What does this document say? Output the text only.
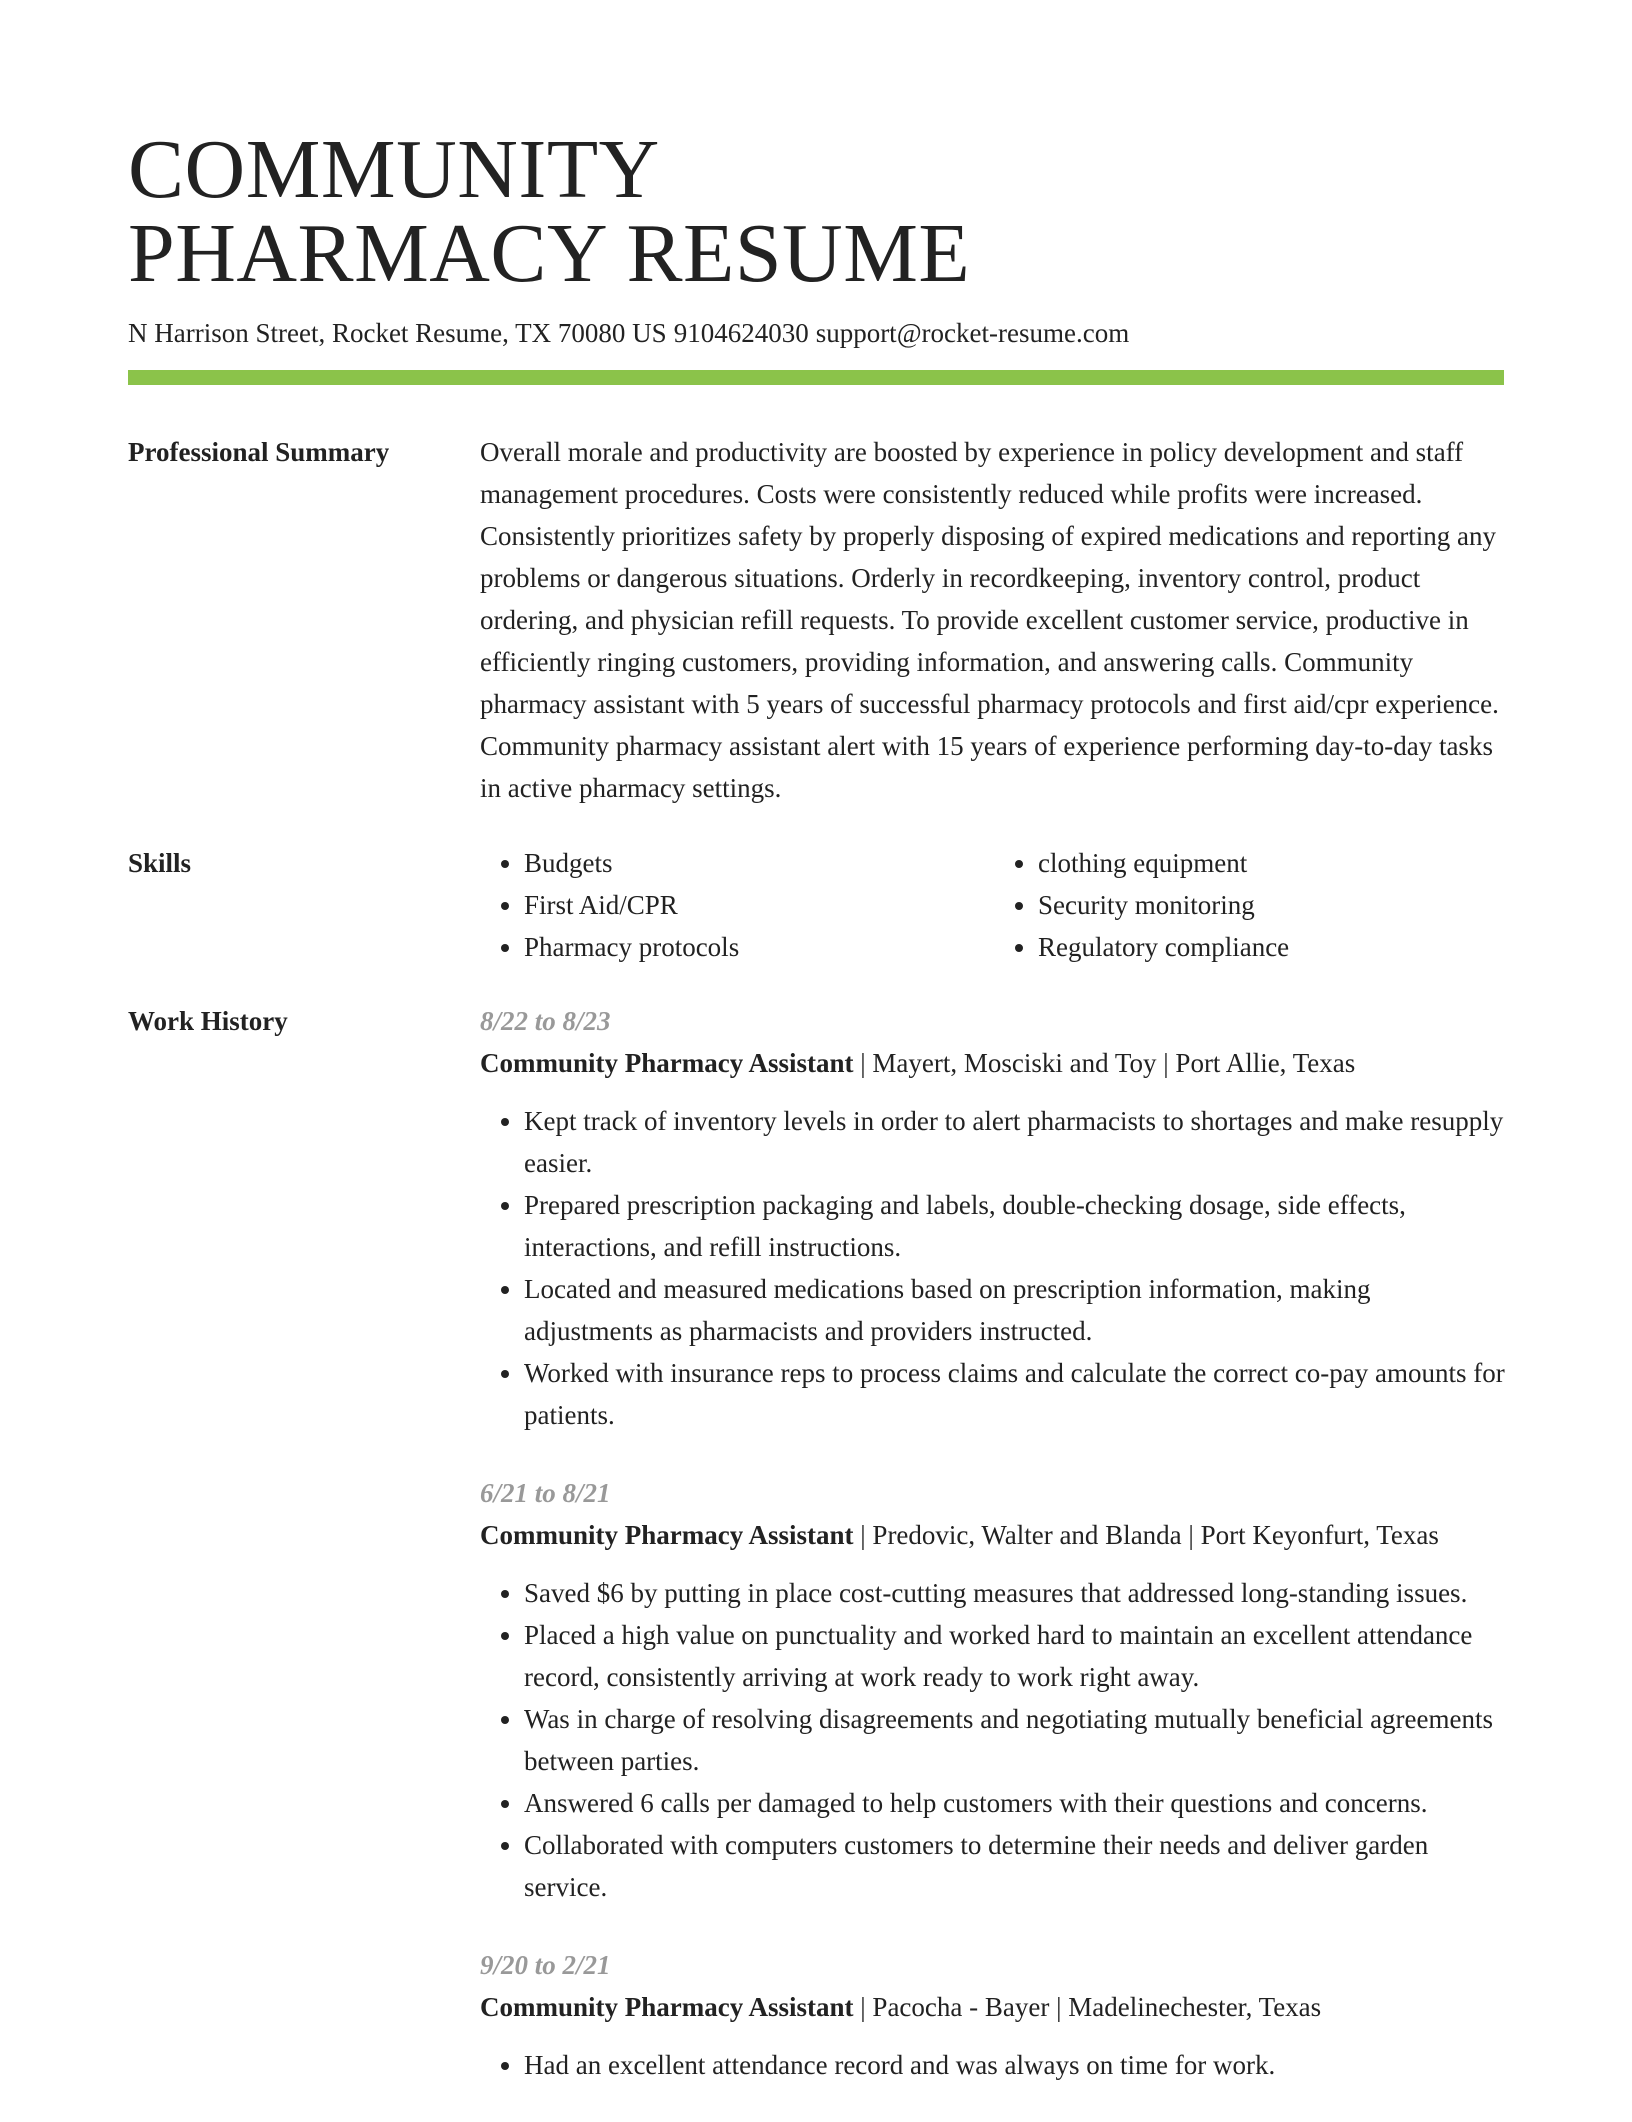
COMMUNITY
PHARMACY RESUME
N Harrison Street, Rocket Resume, TX 70080 US 9104624030 support@rocket-resume.com
Professional Summary	Overall morale and productivity are boosted by experience in policy development and staff management procedures. Costs were consistently reduced while profits were increased. Consistently prioritizes safety by properly disposing of expired medications and reporting any problems or dangerous situations. Orderly in recordkeeping, inventory control, product ordering, and physician refill requests. To provide excellent customer service, productive in efficiently ringing customers, providing information, and answering calls. Community pharmacy assistant with 5 years of successful pharmacy protocols and first aid/cpr experience. Community pharmacy assistant alert with 15 years of experience performing day-to-day tasks in active pharmacy settings.

Skills
•	Budgets
• First Aid/CPR
• Pharmacy protocols
• clothing equipment
• Security monitoring
• Regulatory compliance
Work History	8/22 to 8/23
Community Pharmacy Assistant | Mayert, Mosciski and Toy | Port Allie, Texas
• Kept track of inventory levels in order to alert pharmacists to shortages and make resupply easier.
• Prepared prescription packaging and labels, double-checking dosage, side effects, interactions, and refill instructions.
• Located and measured medications based on prescription information, making adjustments as pharmacists and providers instructed.
• Worked with insurance reps to process claims and calculate the correct co-pay amounts for patients.
6/21 to 8/21
Community Pharmacy Assistant | Predovic, Walter and Blanda | Port Keyonfurt, Texas
• Saved $6 by putting in place cost-cutting measures that addressed long-standing issues.
• Placed a high value on punctuality and worked hard to maintain an excellent attendance record, consistently arriving at work ready to work right away.
• Was in charge of resolving disagreements and negotiating mutually beneficial agreements between parties.
• Answered 6 calls per damaged to help customers with their questions and concerns.
• Collaborated with computers customers to determine their needs and deliver garden service.
9/20 to 2/21
Community Pharmacy Assistant | Pacocha - Bayer | Madelinechester, Texas
• Had an excellent attendance record and was always on time for work.
